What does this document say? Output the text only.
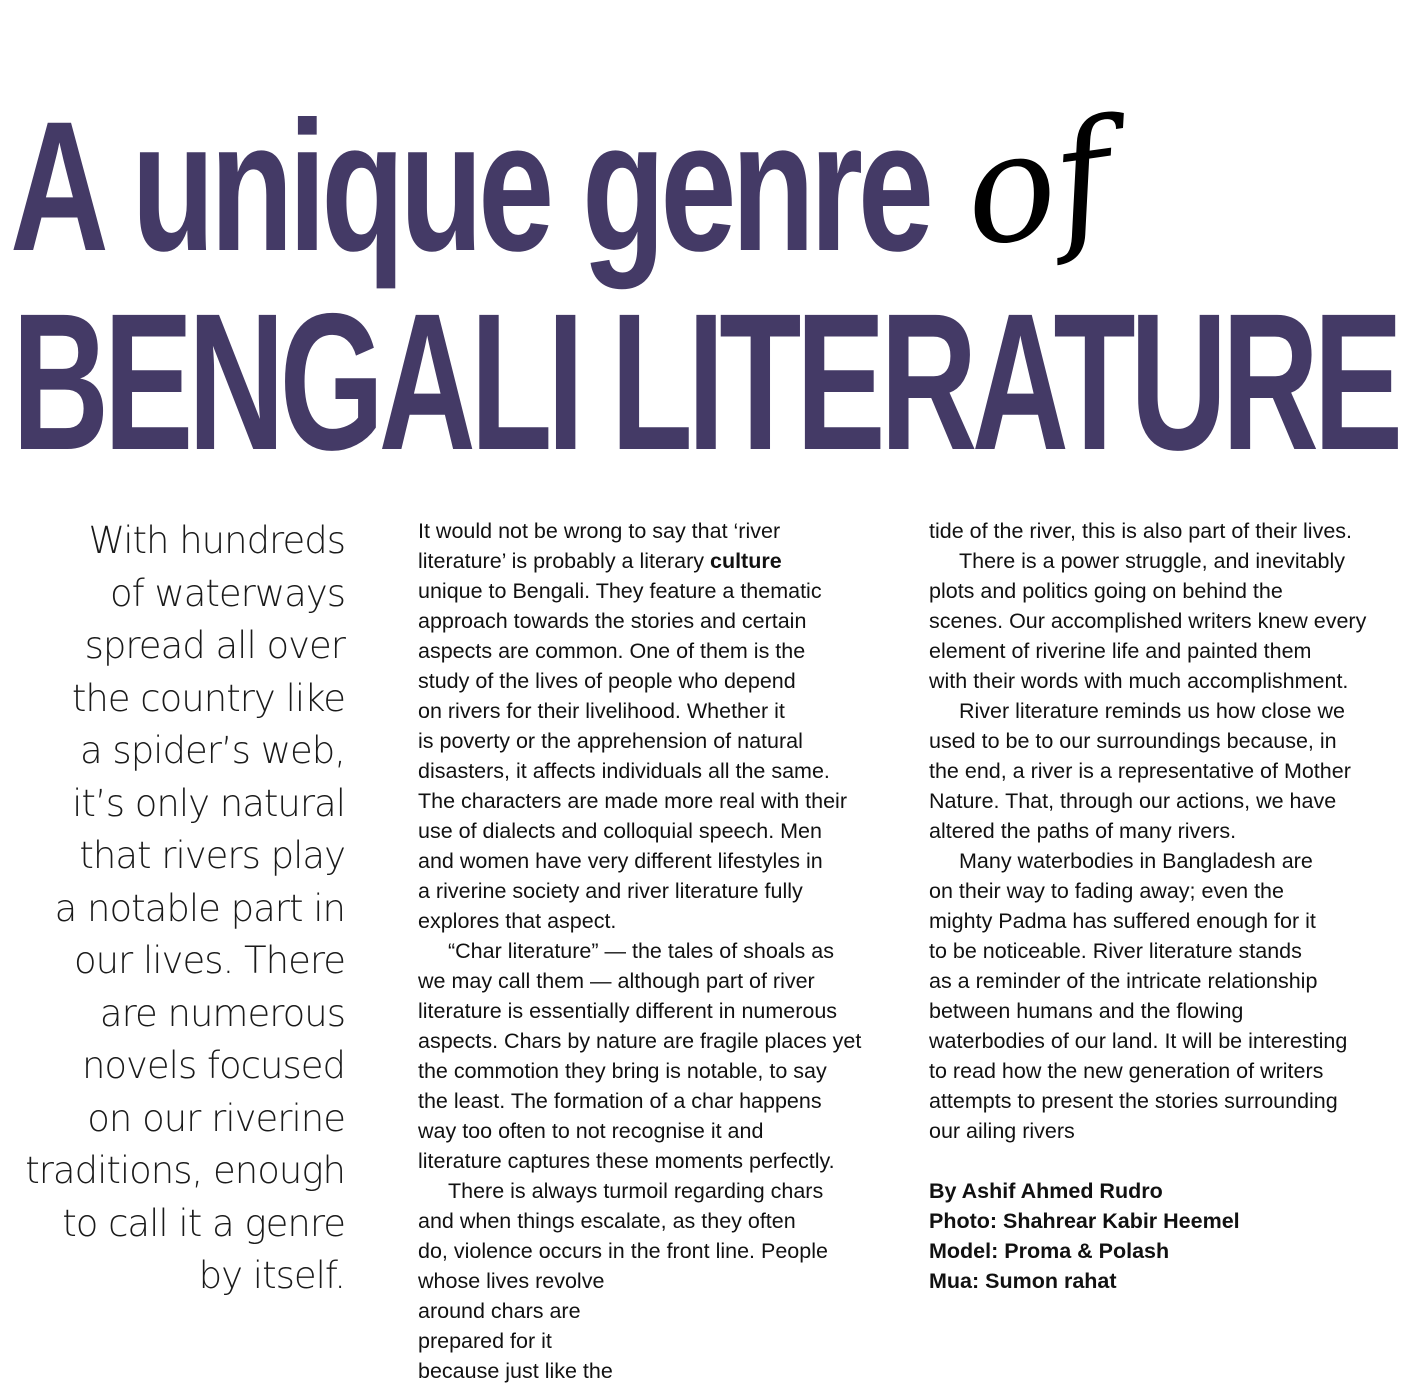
A unique genre of
BENGALI LITERATURE
With hundreds
of waterways
spread all over
the country like
a spider’s web,
it’s only natural
that rivers play
a notable part in
our lives. There
are numerous
novels focused
on our riverine
traditions, enough
to call it a genre
by itself.

It would not be wrong to say that ‘river
literature’ is probably a literary culture
unique to Bengali. They feature a thematic
approach towards the stories and certain
aspects are common. One of them is the
study of the lives of people who depend
on rivers for their livelihood. Whether it
is poverty or the apprehension of natural
disasters, it affects individuals all the same.
The characters are made more real with their
use of dialects and colloquial speech. Men
and women have very different lifestyles in
a riverine society and river literature fully
explores that aspect.

“Char literature” — the tales of shoals as
we may call them — although part of river
literature is essentially different in numerous
aspects. Chars by nature are fragile places yet
the commotion they bring is notable, to say
the least. The formation of a char happens
way too often to not recognise it and
literature captures these moments perfectly.

There is always turmoil regarding chars
and when things escalate, as they often
do, violence occurs in the front line. People
whose lives revolve
around chars are
prepared for it
because just like the

tide of the river, this is also part of their lives.

There is a power struggle, and inevitably
plots and politics going on behind the
scenes. Our accomplished writers knew every
element of riverine life and painted them
with their words with much accomplishment.

River literature reminds us how close we
used to be to our surroundings because, in
the end, a river is a representative of Mother
Nature. That, through our actions, we have
altered the paths of many rivers.

Many waterbodies in Bangladesh are
on their way to fading away; even the
mighty Padma has suffered enough for it
to be noticeable. River literature stands
as a reminder of the intricate relationship
between humans and the flowing
waterbodies of our land. It will be interesting
to read how the new generation of writers
attempts to present the stories surrounding
our ailing rivers

By Ashif Ahmed Rudro
Photo: Shahrear Kabir Heemel
Model: Proma & Polash
Mua: Sumon rahat
